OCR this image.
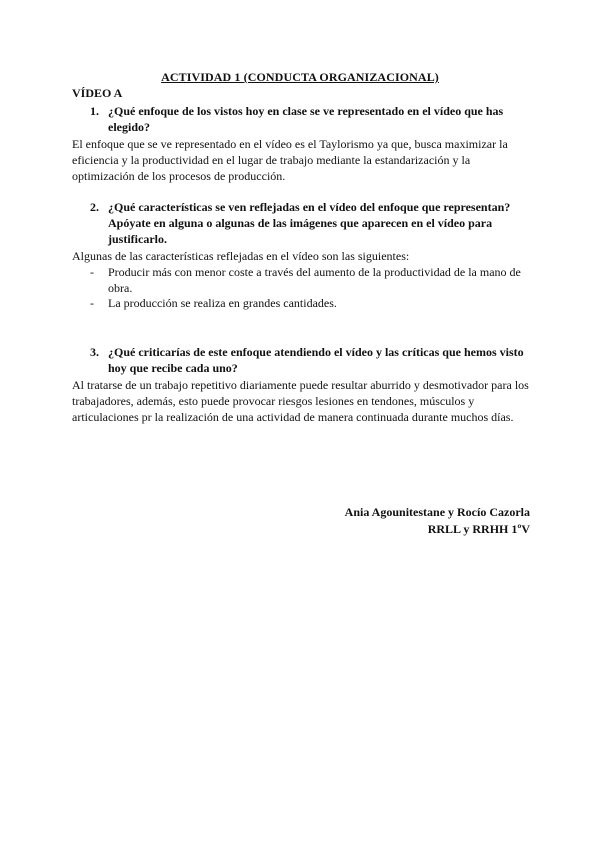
ACTIVIDAD 1 (CONDUCTA ORGANIZACIONAL)
VÍDEO A
1. ¿Qué enfoque de los vistos hoy en clase se ve representado en el vídeo que has elegido?
El enfoque que se ve representado en el vídeo es el Taylorismo ya que, busca maximizar la eficiencia y la productividad en el lugar de trabajo mediante la estandarización y la optimización de los procesos de producción.
2. ¿Qué características se ven reflejadas en el vídeo del enfoque que representan? Apóyate en alguna o algunas de las imágenes que aparecen en el vídeo para justificarlo.
Algunas de las características reflejadas en el vídeo son las siguientes:
- Producir más con menor coste a través del aumento de la productividad de la mano de obra.
- La producción se realiza en grandes cantidades.
3. ¿Qué criticarías de este enfoque atendiendo el vídeo y las críticas que hemos visto hoy que recibe cada uno?
Al tratarse de un trabajo repetitivo diariamente puede resultar aburrido y desmotivador para los trabajadores, además, esto puede provocar riesgos lesiones en tendones, músculos y articulaciones pr la realización de una actividad de manera continuada durante muchos días.
Ania Agounitestane y Rocío Cazorla
RRLL y RRHH 1ºV
